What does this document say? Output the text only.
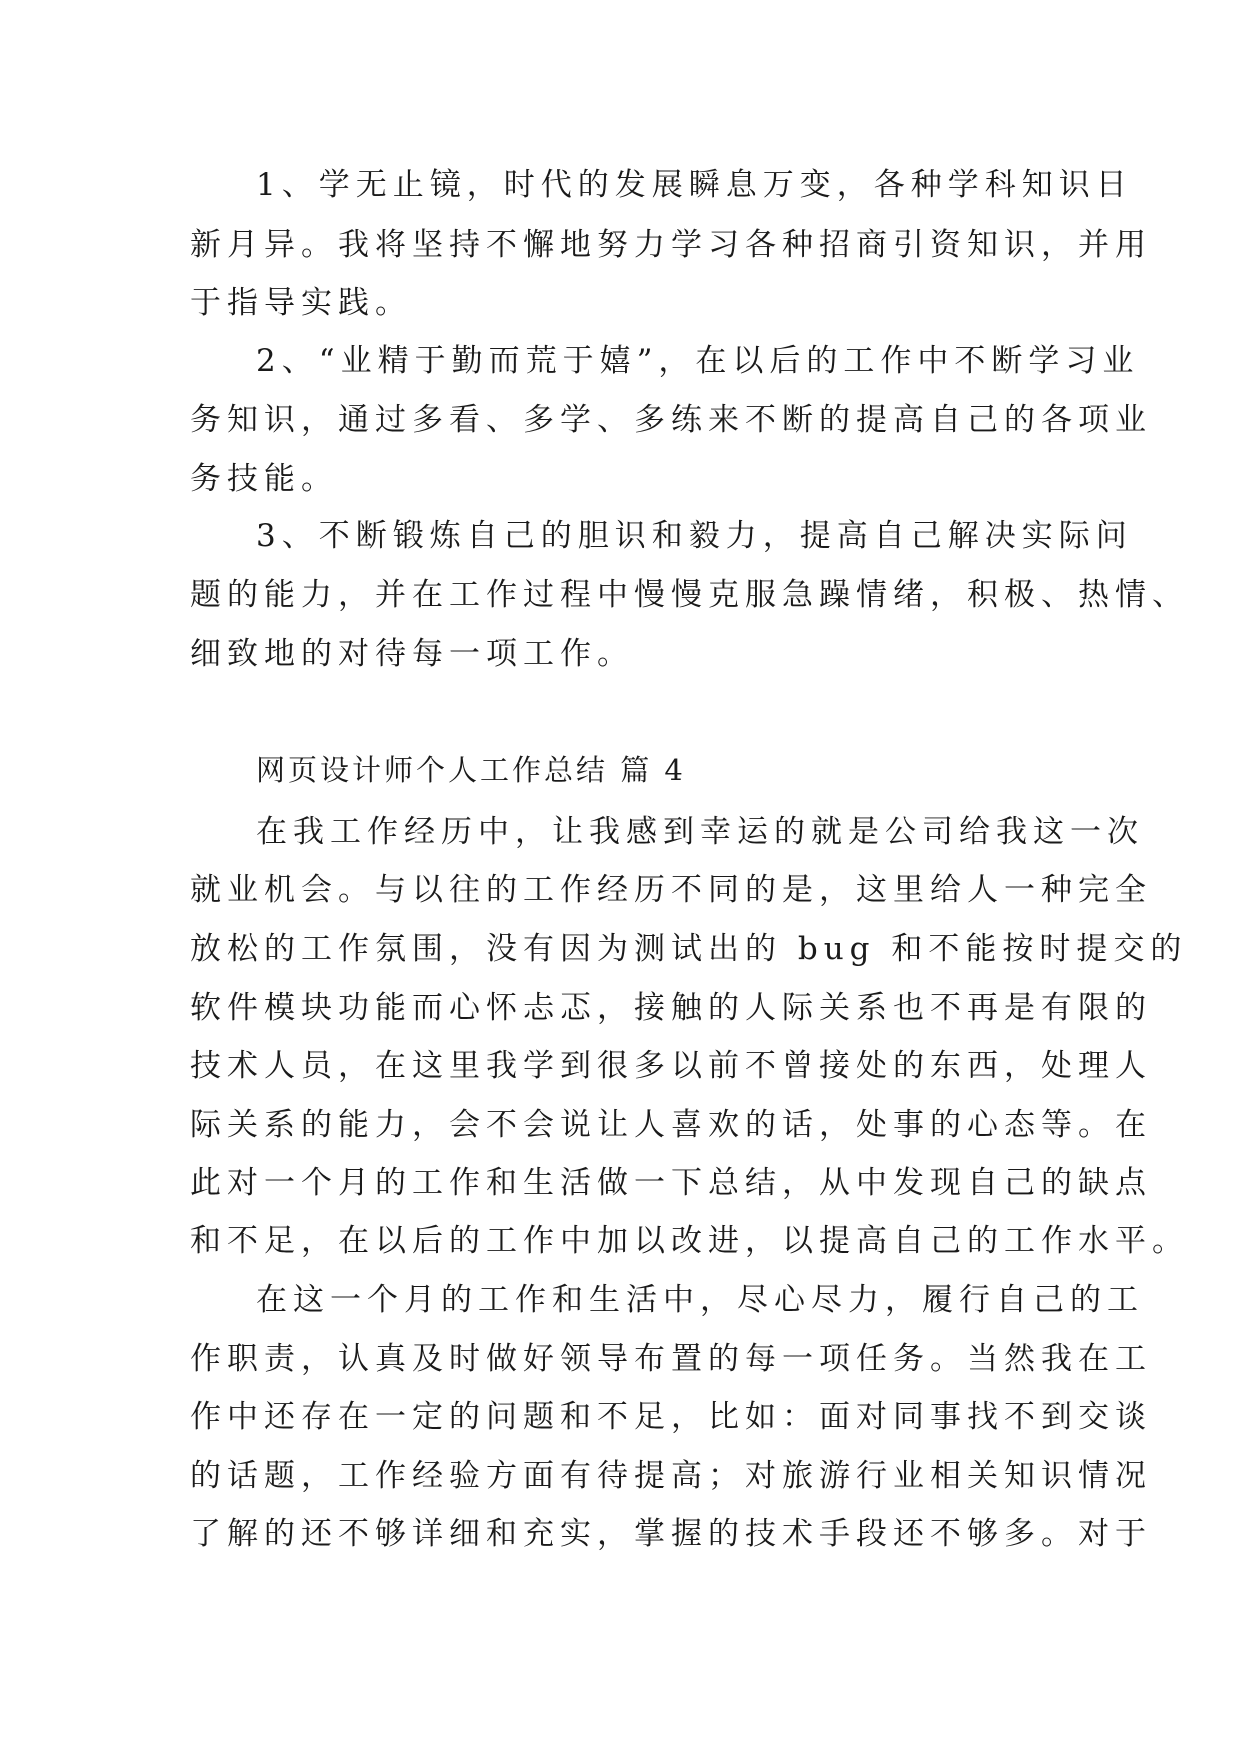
1、学无止镜，时代的发展瞬息万变，各种学科知识日
新月异。我将坚持不懈地努力学习各种招商引资知识，并用
于指导实践。
2、“业精于勤而荒于嬉”，在以后的工作中不断学习业
务知识，通过多看、多学、多练来不断的提高自己的各项业
务技能。
3、不断锻炼自己的胆识和毅力，提高自己解决实际问
题的能力，并在工作过程中慢慢克服急躁情绪，积极、热情、
细致地的对待每一项工作。
网页设计师个人工作总结 篇 4
在我工作经历中，让我感到幸运的就是公司给我这一次
就业机会。与以往的工作经历不同的是，这里给人一种完全
放松的工作氛围，没有因为测试出的 bug 和不能按时提交的
软件模块功能而心怀忐忑，接触的人际关系也不再是有限的
技术人员，在这里我学到很多以前不曾接处的东西，处理人
际关系的能力，会不会说让人喜欢的话，处事的心态等。在
此对一个月的工作和生活做一下总结，从中发现自己的缺点
和不足，在以后的工作中加以改进，以提高自己的工作水平。
在这一个月的工作和生活中，尽心尽力，履行自己的工
作职责，认真及时做好领导布置的每一项任务。当然我在工
作中还存在一定的问题和不足，比如：面对同事找不到交谈
的话题，工作经验方面有待提高；对旅游行业相关知识情况
了解的还不够详细和充实，掌握的技术手段还不够多。对于
